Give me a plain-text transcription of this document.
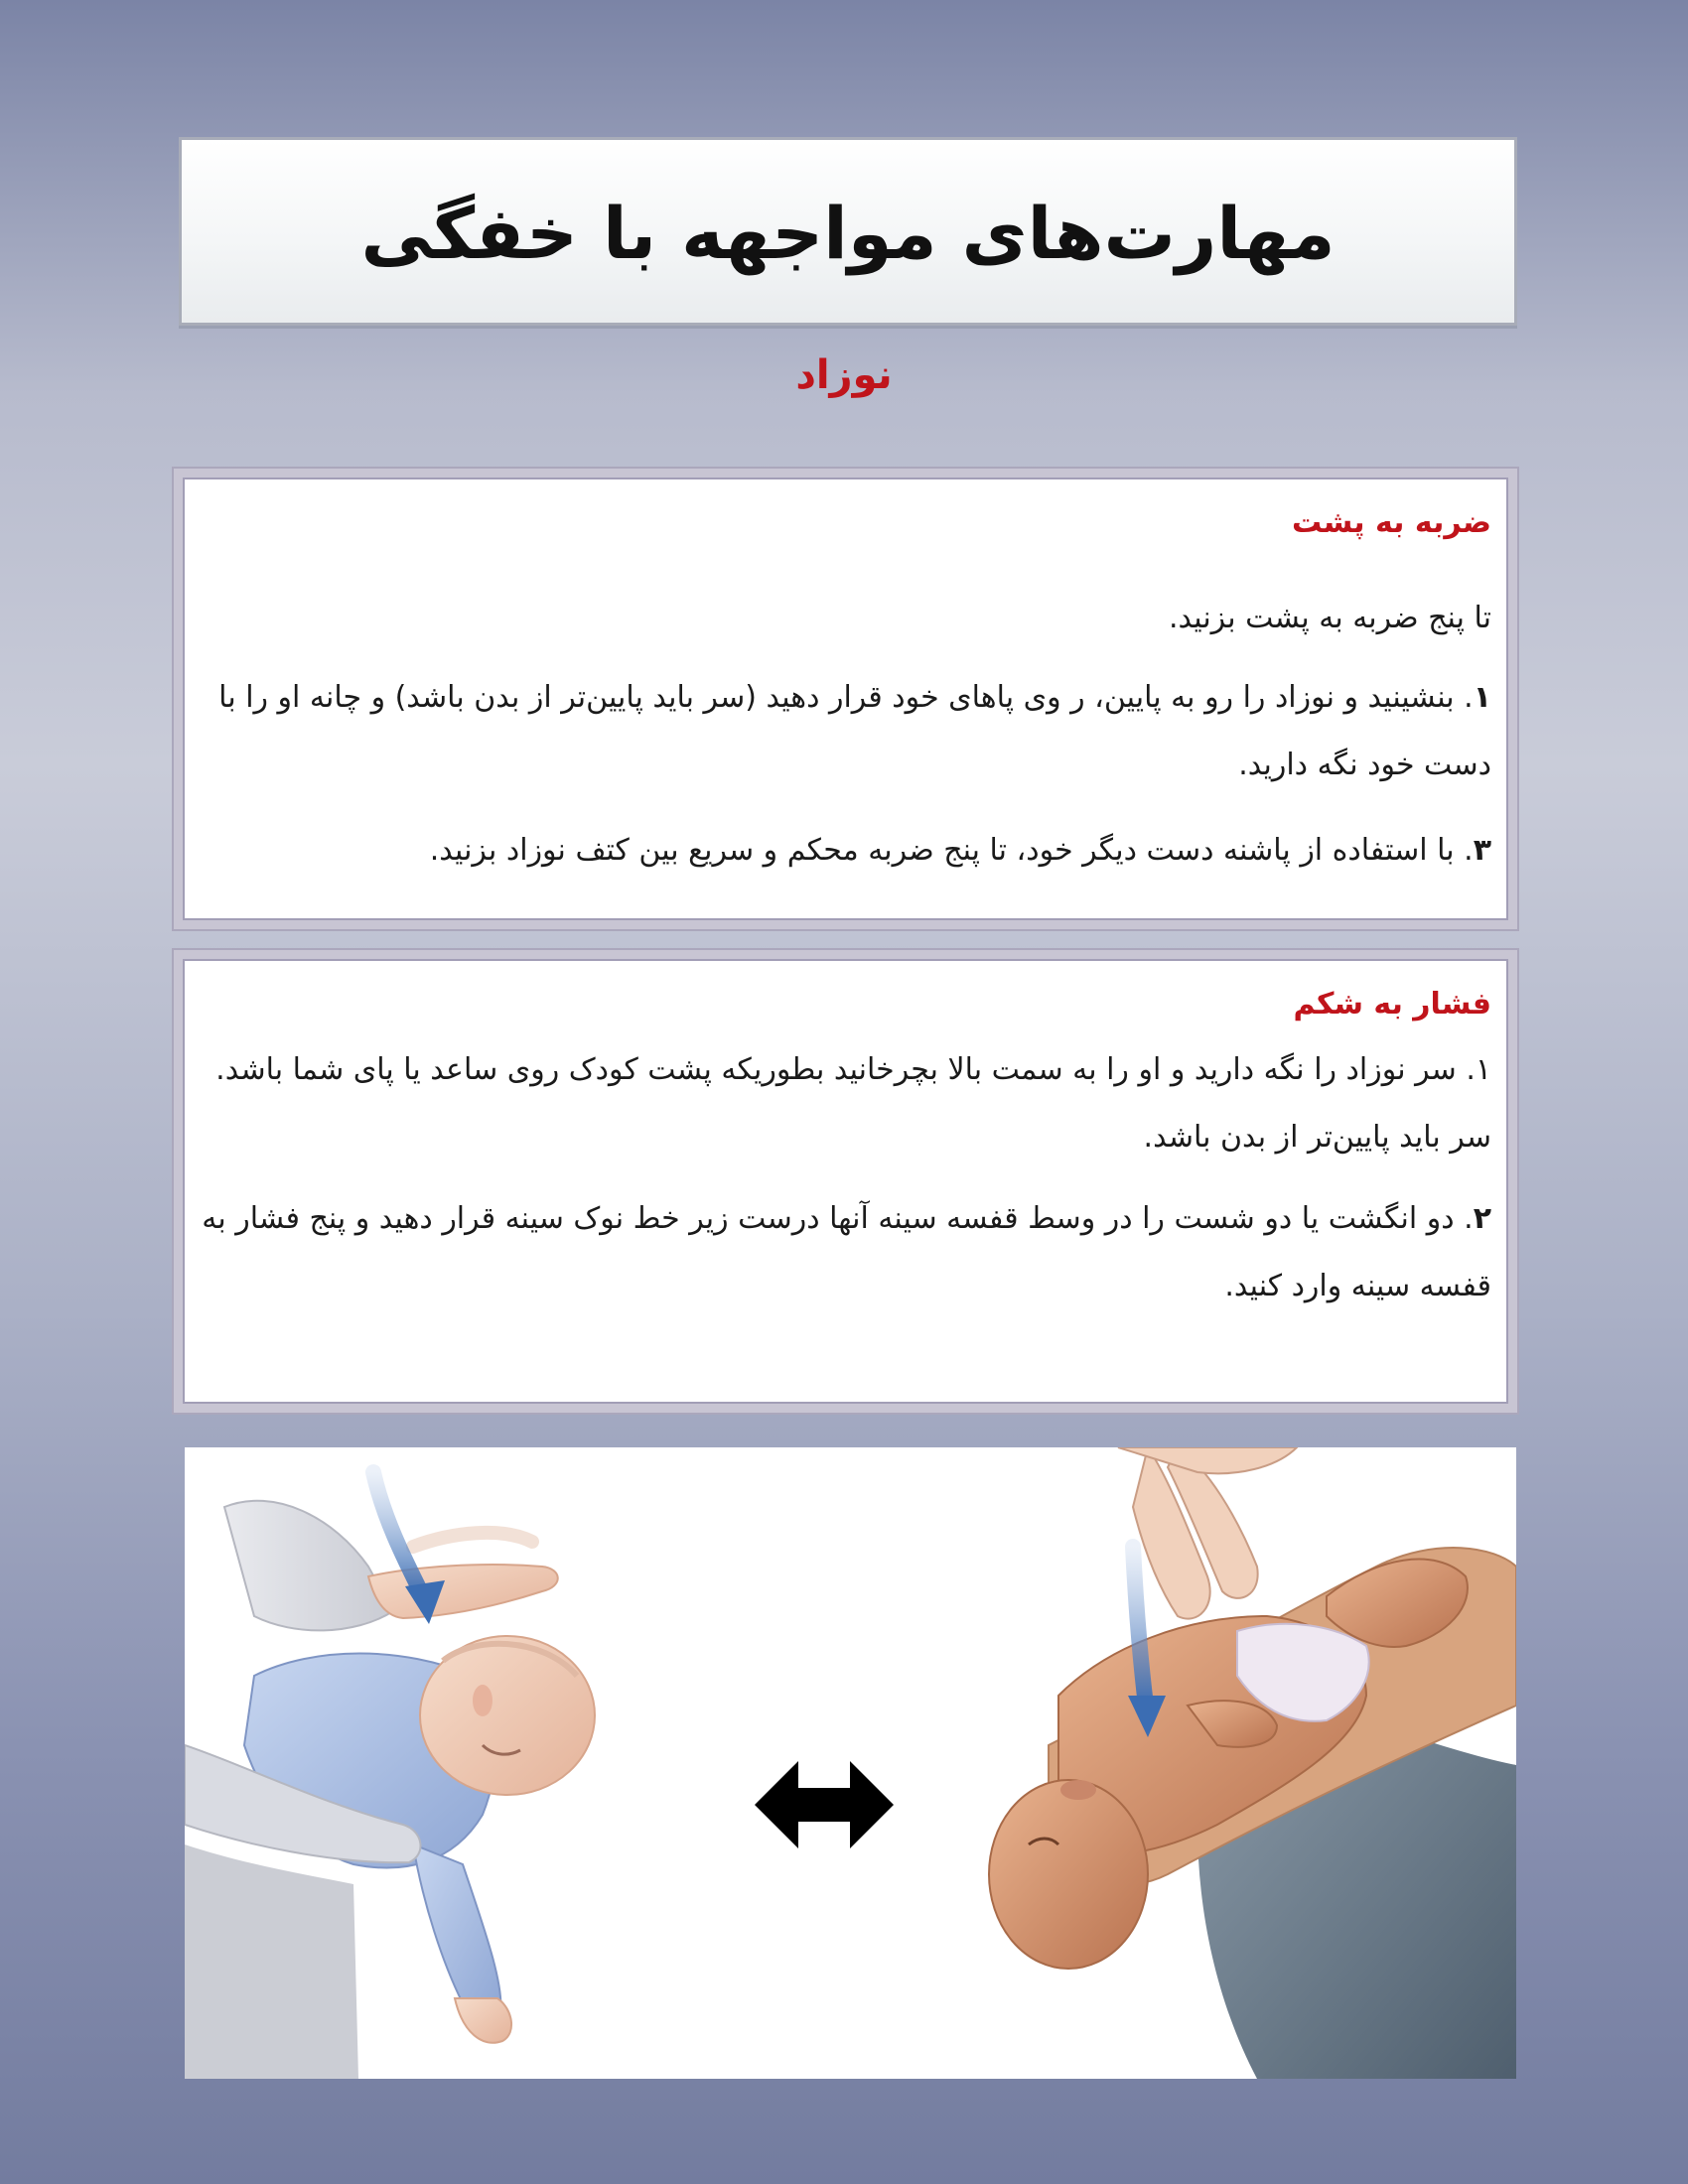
مهارت‌های مواجهه با خفگی
نوزاد

ضربه به پشت

تا پنج ضربه به پشت بزنید.

۱. بنشینید و نوزاد را رو به پایین، ر وی پاهای خود قرار دهید (سر باید پایین‌تر از بدن باشد) و چانه او را با دست خود نگه دارید.

۳. با استفاده از پاشنه دست دیگر خود، تا پنج ضربه محکم و سریع بین کتف نوزاد بزنید.

فشار به شکم

۱. سر نوزاد را نگه دارید و او را به سمت بالا بچرخانید بطوریکه پشت کودک روی ساعد یا پای شما باشد. سر باید پایین‌تر از بدن باشد.

۲. دو انگشت یا دو شست را در وسط قفسه سینه آنها درست زیر خط نوک سینه قرار دهید و پنج فشار به قفسه سینه وارد کنید.
